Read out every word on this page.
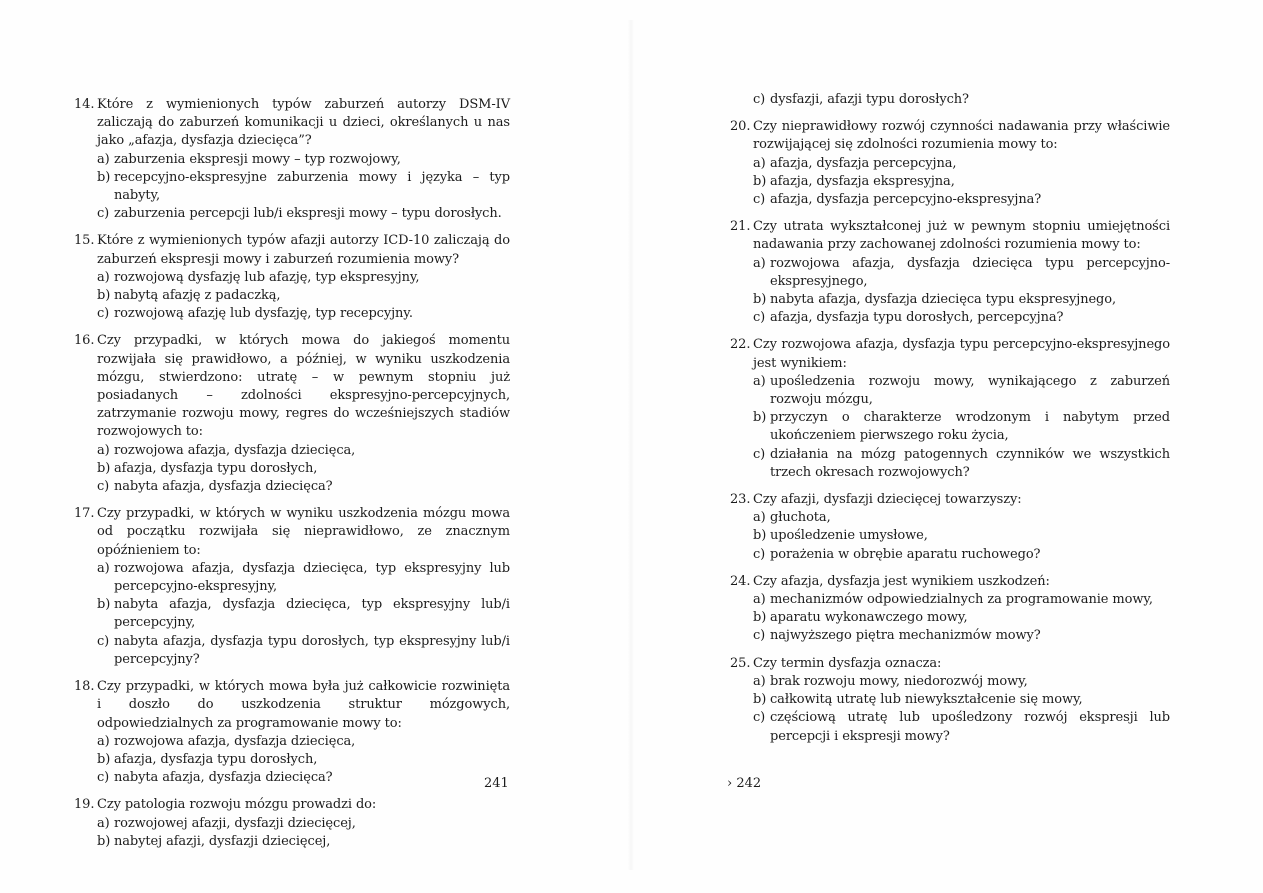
14. Które z wymienionych typów zaburzeń autorzy DSM-IV zaliczają do zaburzeń komunikacji u dzieci, określanych u nas jako „afazja, dysfazja dziecięca”?
a) zaburzenia ekspresji mowy – typ rozwojowy,
b) recepcyjno-ekspresyjne zaburzenia mowy i języka – typ nabyty,
c) zaburzenia percepcji lub/i ekspresji mowy – typu dorosłych.
15. Które z wymienionych typów afazji autorzy ICD-10 zaliczają do zaburzeń ekspresji mowy i zaburzeń rozumienia mowy?
a) rozwojową dysfazję lub afazję, typ ekspresyjny,
b) nabytą afazję z padaczką,
c) rozwojową afazję lub dysfazję, typ recepcyjny.
16. Czy przypadki, w których mowa do jakiegoś momentu rozwijała się prawidłowo, a później, w wyniku uszkodzenia mózgu, stwierdzono: utratę – w pewnym stopniu już posiadanych – zdolności ekspresyjno-percepcyjnych, zatrzymanie rozwoju mowy, regres do wcześniejszych stadiów rozwojowych to:
a) rozwojowa afazja, dysfazja dziecięca,
b) afazja, dysfazja typu dorosłych,
c) nabyta afazja, dysfazja dziecięca?
17. Czy przypadki, w których w wyniku uszkodzenia mózgu mowa od początku rozwijała się nieprawidłowo, ze znacznym opóźnieniem to:
a) rozwojowa afazja, dysfazja dziecięca, typ ekspresyjny lub percepcyjno-ekspresyjny,
b) nabyta afazja, dysfazja dziecięca, typ ekspresyjny lub/i percepcyjny,
c) nabyta afazja, dysfazja typu dorosłych, typ ekspresyjny lub/i percepcyjny?
18. Czy przypadki, w których mowa była już całkowicie rozwinięta i doszło do uszkodzenia struktur mózgowych, odpowiedzialnych za programowanie mowy to:
a) rozwojowa afazja, dysfazja dziecięca,
b) afazja, dysfazja typu dorosłych,
c) nabyta afazja, dysfazja dziecięca?
19. Czy patologia rozwoju mózgu prowadzi do:
a) rozwojowej afazji, dysfazji dziecięcej,
b) nabytej afazji, dysfazji dziecięcej,
241
c) dysfazji, afazji typu dorosłych?
20. Czy nieprawidłowy rozwój czynności nadawania przy właściwie rozwijającej się zdolności rozumienia mowy to:
a) afazja, dysfazja percepcyjna,
b) afazja, dysfazja ekspresyjna,
c) afazja, dysfazja percepcyjno-ekspresyjna?
21. Czy utrata wykształconej już w pewnym stopniu umiejętności nadawania przy zachowanej zdolności rozumienia mowy to:
a) rozwojowa afazja, dysfazja dziecięca typu percepcyjno-ekspresyjnego,
b) nabyta afazja, dysfazja dziecięca typu ekspresyjnego,
c) afazja, dysfazja typu dorosłych, percepcyjna?
22. Czy rozwojowa afazja, dysfazja typu percepcyjno-ekspresyjnego jest wynikiem:
a) upośledzenia rozwoju mowy, wynikającego z zaburzeń rozwoju mózgu,
b) przyczyn o charakterze wrodzonym i nabytym przed ukończeniem pierwszego roku życia,
c) działania na mózg patogennych czynników we wszystkich trzech okresach rozwojowych?
23. Czy afazji, dysfazji dziecięcej towarzyszy:
a) głuchota,
b) upośledzenie umysłowe,
c) porażenia w obrębie aparatu ruchowego?
24. Czy afazja, dysfazja jest wynikiem uszkodzeń:
a) mechanizmów odpowiedzialnych za programowanie mowy,
b) aparatu wykonawczego mowy,
c) najwyższego piętra mechanizmów mowy?
25. Czy termin dysfazja oznacza:
a) brak rozwoju mowy, niedorozwój mowy,
b) całkowitą utratę lub niewykształcenie się mowy,
c) częściową utratę lub upośledzony rozwój ekspresji lub percepcji i ekspresji mowy?
› 242
